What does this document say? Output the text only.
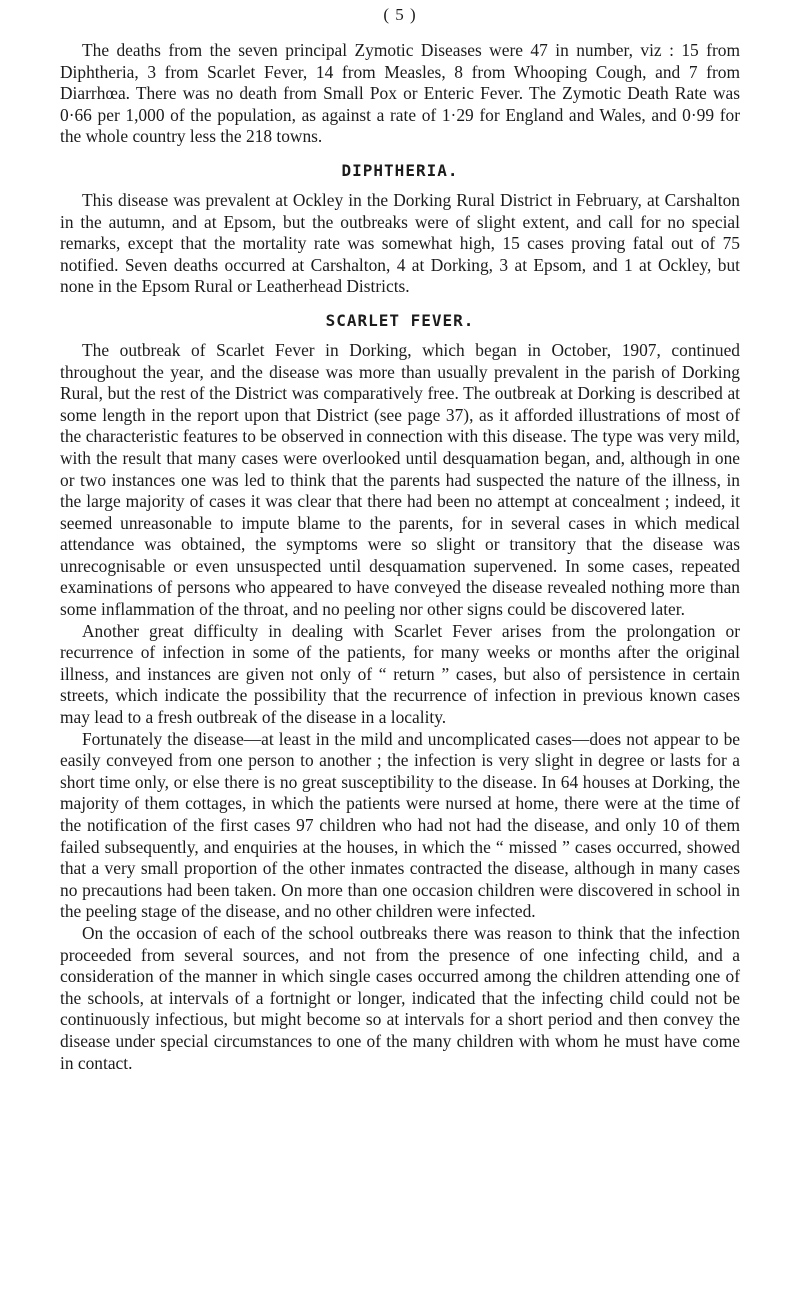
( 5 )

The deaths from the seven principal Zymotic Diseases were 47 in number, viz : 15 from Diphtheria, 3 from Scarlet Fever, 14 from Measles, 8 from Whooping Cough, and 7 from Diarrhœa. There was no death from Small Pox or Enteric Fever. The Zymotic Death Rate was 0·66 per 1,000 of the population, as against a rate of 1·29 for England and Wales, and 0·99 for the whole country less the 218 towns.

DIPHTHERIA.

This disease was prevalent at Ockley in the Dorking Rural District in February, at Carshalton in the autumn, and at Epsom, but the outbreaks were of slight extent, and call for no special remarks, except that the mortality rate was somewhat high, 15 cases proving fatal out of 75 notified. Seven deaths occurred at Carshalton, 4 at Dorking, 3 at Epsom, and 1 at Ockley, but none in the Epsom Rural or Leatherhead Districts.

SCARLET FEVER.

The outbreak of Scarlet Fever in Dorking, which began in October, 1907, continued throughout the year, and the disease was more than usually prevalent in the parish of Dorking Rural, but the rest of the District was comparatively free. The outbreak at Dorking is described at some length in the report upon that District (see page 37), as it afforded illustrations of most of the characteristic features to be observed in connection with this disease. The type was very mild, with the result that many cases were overlooked until desquamation began, and, although in one or two instances one was led to think that the parents had suspected the nature of the illness, in the large majority of cases it was clear that there had been no attempt at concealment ; indeed, it seemed unreasonable to impute blame to the parents, for in several cases in which medical attendance was obtained, the symptoms were so slight or transitory that the disease was unrecognisable or even unsuspected until desquamation supervened. In some cases, repeated examinations of persons who appeared to have conveyed the disease revealed nothing more than some inflammation of the throat, and no peeling nor other signs could be discovered later.

Another great difficulty in dealing with Scarlet Fever arises from the prolongation or recurrence of infection in some of the patients, for many weeks or months after the original illness, and instances are given not only of “ return ” cases, but also of persistence in certain streets, which indicate the possibility that the recurrence of infection in previous known cases may lead to a fresh outbreak of the disease in a locality.

Fortunately the disease—at least in the mild and uncomplicated cases—does not appear to be easily conveyed from one person to another ; the infection is very slight in degree or lasts for a short time only, or else there is no great susceptibility to the disease. In 64 houses at Dorking, the majority of them cottages, in which the patients were nursed at home, there were at the time of the notification of the first cases 97 children who had not had the disease, and only 10 of them failed subsequently, and enquiries at the houses, in which the “ missed ” cases occurred, showed that a very small proportion of the other inmates contracted the disease, although in many cases no precautions had been taken. On more than one occasion children were discovered in school in the peeling stage of the disease, and no other children were infected.

On the occasion of each of the school outbreaks there was reason to think that the infection proceeded from several sources, and not from the presence of one infecting child, and a consideration of the manner in which single cases occurred among the children attending one of the schools, at intervals of a fortnight or longer, indicated that the infecting child could not be continuously infectious, but might become so at intervals for a short period and then convey the disease under special circumstances to one of the many children with whom he must have come in contact.
